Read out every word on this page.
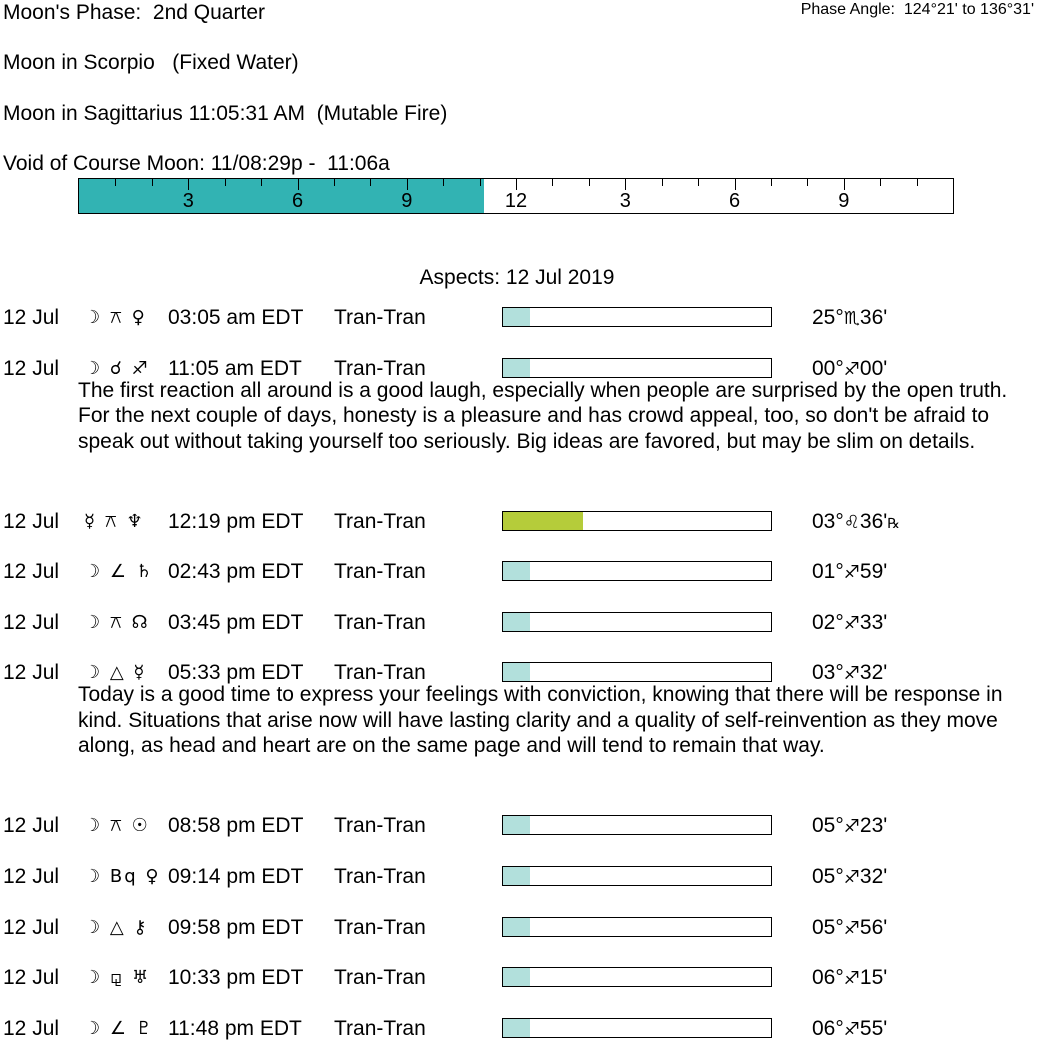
Moon's Phase:  2nd Quarter	Phase Angle:  124°21' to 136°31'
Moon in Scorpio   (Fixed Water)
Moon in Sagittarius 11:05:31 AM  (Mutable Fire)
Void of Course Moon: 11/08:29p -  11:06a
3	6	9	12	3	6	9
Aspects: 12 Jul 2019
12 Jul ☽ ⚻ ♀ 03:05 am EDT Tran-Tran	25°♏36'
12 Jul ☽ ☌ ♐ 11:05 am EDT Tran-Tran	00°♐00'
The first reaction all around is a good laugh, especially when people are surprised by the open truth. For the next couple of days, honesty is a pleasure and has crowd appeal, too, so don't be afraid to speak out without taking yourself too seriously. Big ideas are favored, but may be slim on details.
12 Jul ☿ ⚻ ♆ 12:19 pm EDT Tran-Tran	03°♌36'℞
12 Jul ☽ ∠ ♄ 02:43 pm EDT Tran-Tran	01°♐59'
12 Jul ☽ ⚻ ☊ 03:45 pm EDT Tran-Tran	02°♐33'
12 Jul ☽ △ ☿ 05:33 pm EDT Tran-Tran	03°♐32'
Today is a good time to express your feelings with conviction, knowing that there will be response in kind. Situations that arise now will have lasting clarity and a quality of self-reinvention as they move along, as head and heart are on the same page and will tend to remain that way.
12 Jul ☽ ⚻ ☉ 08:58 pm EDT Tran-Tran	05°♐23'
12 Jul ☽ Bq ♀ 09:14 pm EDT Tran-Tran	05°♐32'
12 Jul ☽ △ ⚷ 09:58 pm EDT Tran-Tran	05°♐56'
12 Jul ☽ ⚼ ♅ 10:33 pm EDT Tran-Tran	06°♐15'
12 Jul ☽ ∠ ♇ 11:48 pm EDT Tran-Tran	06°♐55'
